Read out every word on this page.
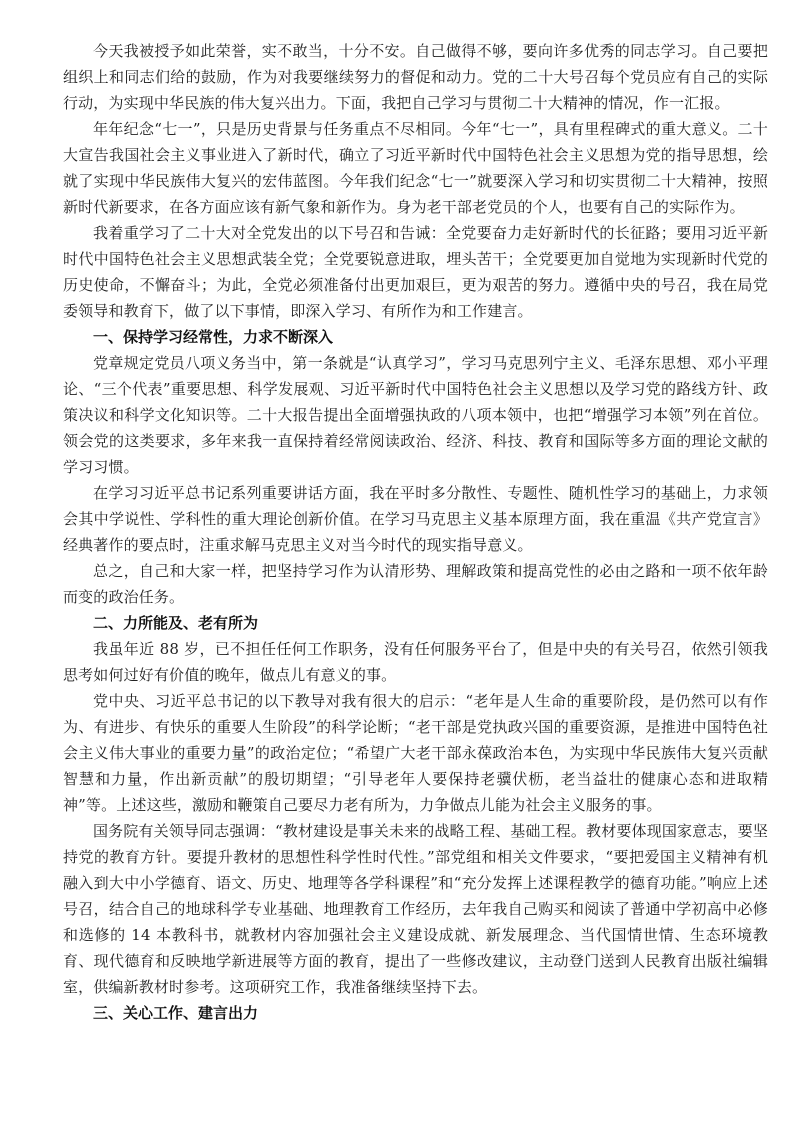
今天我被授予如此荣誉，实不敢当，十分不安。自己做得不够，要向许多优秀的同志学习。自己要把组织上和同志们给的鼓励，作为对我要继续努力的督促和动力。党的二十大号召每个党员应有自己的实际行动，为实现中华民族的伟大复兴出力。下面，我把自己学习与贯彻二十大精神的情况，作一汇报。

年年纪念“七一”，只是历史背景与任务重点不尽相同。今年“七一”，具有里程碑式的重大意义。二十大宣告我国社会主义事业进入了新时代，确立了习近平新时代中国特色社会主义思想为党的指导思想，绘就了实现中华民族伟大复兴的宏伟蓝图。今年我们纪念“七一”就要深入学习和切实贯彻二十大精神，按照新时代新要求，在各方面应该有新气象和新作为。身为老干部老党员的个人，也要有自己的实际作为。

我着重学习了二十大对全党发出的以下号召和告诫：全党要奋力走好新时代的长征路；要用习近平新时代中国特色社会主义思想武装全党；全党要锐意进取，埋头苦干；全党要更加自觉地为实现新时代党的历史使命，不懈奋斗；为此，全党必须准备付出更加艰巨，更为艰苦的努力。遵循中央的号召，我在局党委领导和教育下，做了以下事情，即深入学习、有所作为和工作建言。

一、保持学习经常性，力求不断深入

党章规定党员八项义务当中，第一条就是“认真学习”，学习马克思列宁主义、毛泽东思想、邓小平理论、“三个代表”重要思想、科学发展观、习近平新时代中国特色社会主义思想以及学习党的路线方针、政策决议和科学文化知识等。二十大报告提出全面增强执政的八项本领中，也把“增强学习本领”列在首位。领会党的这类要求，多年来我一直保持着经常阅读政治、经济、科技、教育和国际等多方面的理论文献的学习习惯。

在学习习近平总书记系列重要讲话方面，我在平时多分散性、专题性、随机性学习的基础上，力求领会其中学说性、学科性的重大理论创新价值。在学习马克思主义基本原理方面，我在重温《共产党宣言》经典著作的要点时，注重求解马克思主义对当今时代的现实指导意义。

总之，自己和大家一样，把坚持学习作为认清形势、理解政策和提高党性的必由之路和一项不依年龄而变的政治任务。

二、力所能及、老有所为

我虽年近 88 岁，已不担任任何工作职务，没有任何服务平台了，但是中央的有关号召，依然引领我思考如何过好有价值的晚年，做点儿有意义的事。

党中央、习近平总书记的以下教导对我有很大的启示：“老年是人生命的重要阶段，是仍然可以有作为、有进步、有快乐的重要人生阶段”的科学论断；“老干部是党执政兴国的重要资源，是推进中国特色社会主义伟大事业的重要力量”的政治定位；“希望广大老干部永葆政治本色，为实现中华民族伟大复兴贡献智慧和力量，作出新贡献”的殷切期望；“引导老年人要保持老骥伏枥，老当益壮的健康心态和进取精神”等。上述这些，激励和鞭策自己要尽力老有所为，力争做点儿能为社会主义服务的事。

国务院有关领导同志强调：“教材建设是事关未来的战略工程、基础工程。教材要体现国家意志，要坚持党的教育方针。要提升教材的思想性科学性时代性。”部党组和相关文件要求，“要把爱国主义精神有机融入到大中小学德育、语文、历史、地理等各学科课程”和“充分发挥上述课程教学的德育功能。”响应上述号召，结合自己的地球科学专业基础、地理教育工作经历，去年我自己购买和阅读了普通中学初高中必修和选修的 14 本教科书，就教材内容加强社会主义建设成就、新发展理念、当代国情世情、生态环境教育、现代德育和反映地学新进展等方面的教育，提出了一些修改建议，主动登门送到人民教育出版社编辑室，供编新教材时参考。这项研究工作，我准备继续坚持下去。

三、关心工作、建言出力
